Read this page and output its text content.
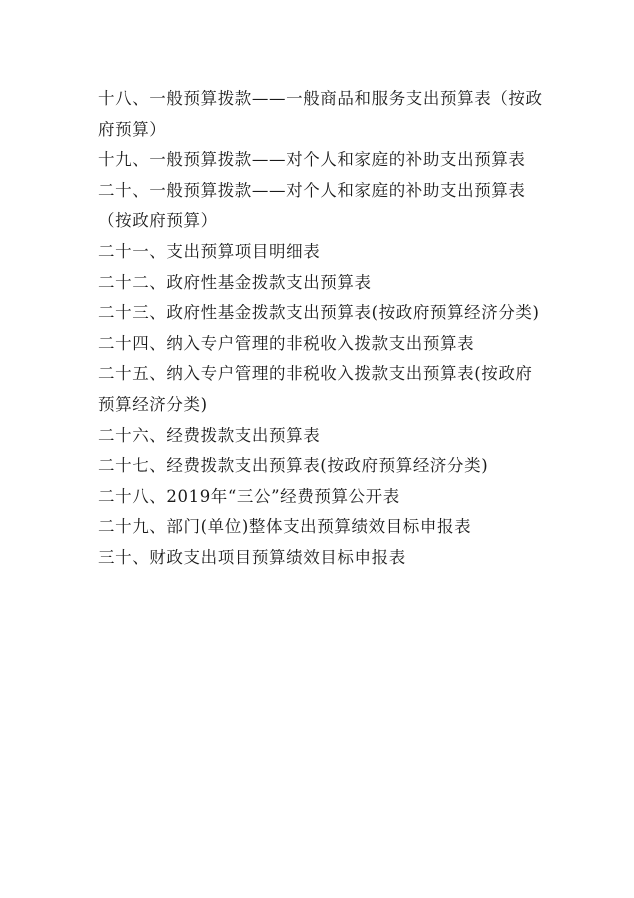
十八、一般预算拨款——一般商品和服务支出预算表（按政府预算）
十九、一般预算拨款——对个人和家庭的补助支出预算表
二十、一般预算拨款——对个人和家庭的补助支出预算表（按政府预算）
二十一、支出预算项目明细表
二十二、政府性基金拨款支出预算表
二十三、政府性基金拨款支出预算表(按政府预算经济分类)
二十四、纳入专户管理的非税收入拨款支出预算表
二十五、纳入专户管理的非税收入拨款支出预算表(按政府预算经济分类)
二十六、经费拨款支出预算表
二十七、经费拨款支出预算表(按政府预算经济分类)
二十八、2019年“三公”经费预算公开表
二十九、部门(单位)整体支出预算绩效目标申报表
三十、财政支出项目预算绩效目标申报表
